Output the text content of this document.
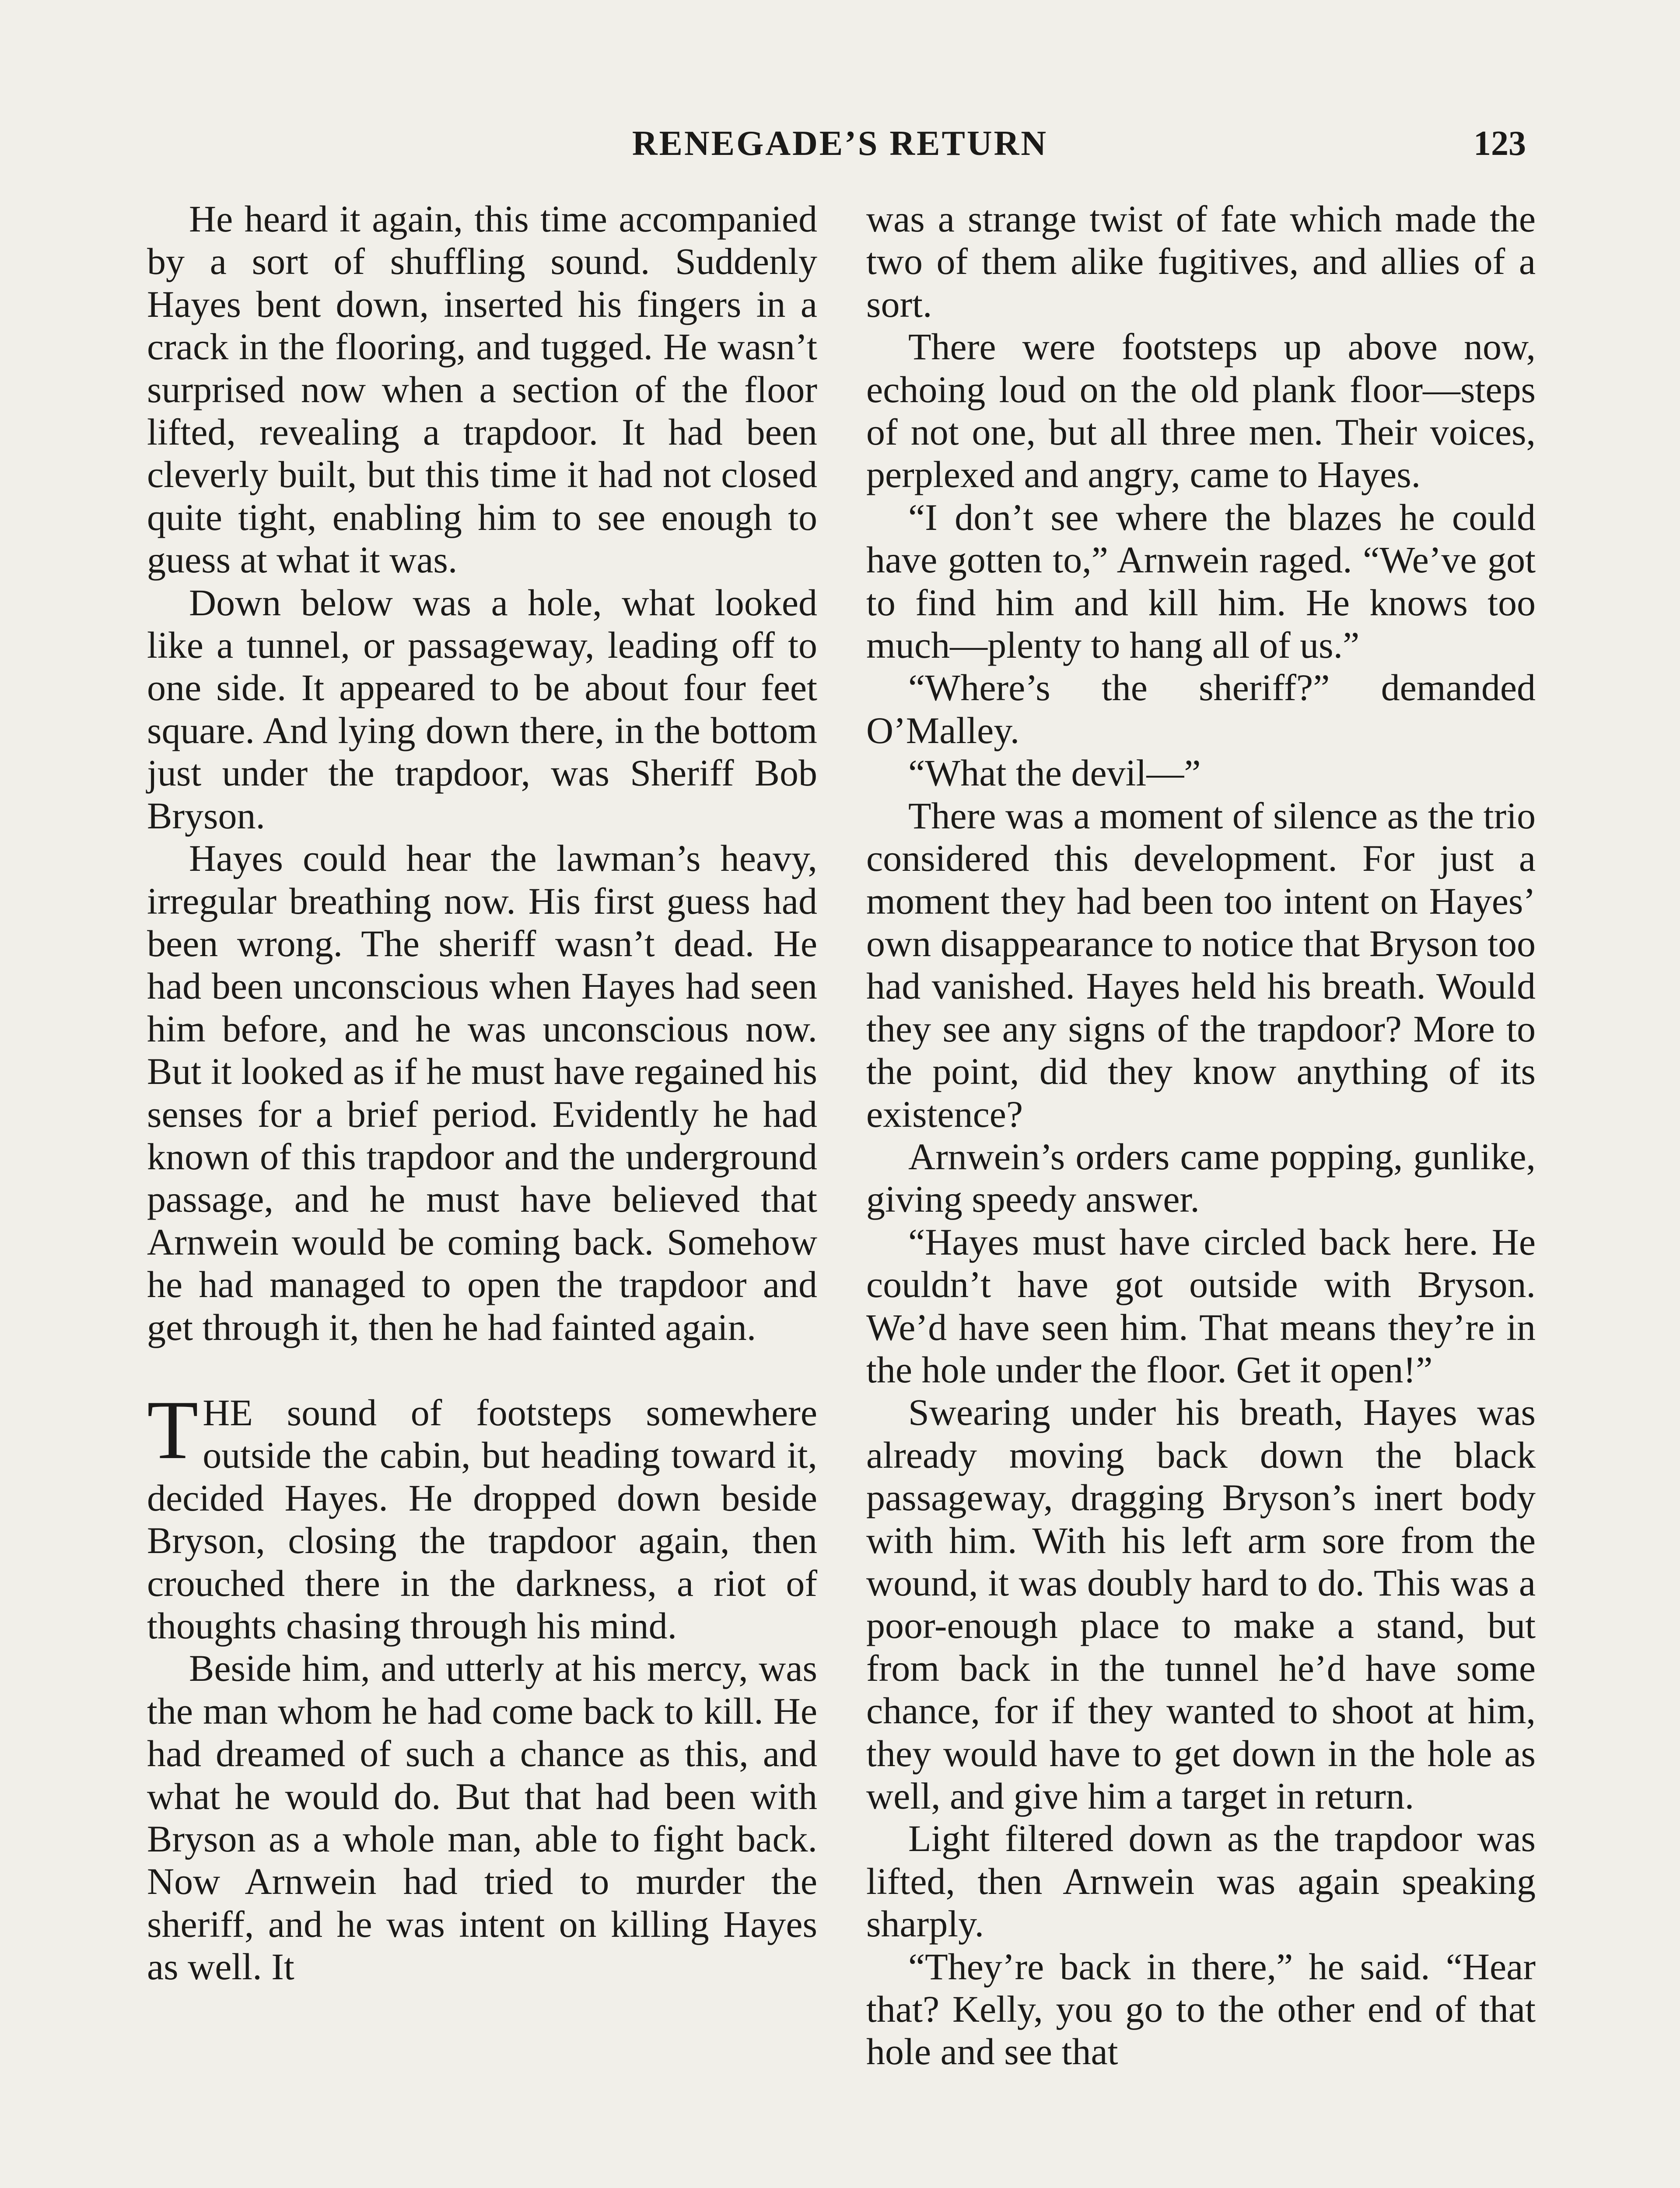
RENEGADE’S RETURN	123

He heard it again, this time accompanied by a sort of shuffling sound. Suddenly Hayes bent down, inserted his fingers in a crack in the flooring, and tugged. He wasn’t surprised now when a section of the floor lifted, revealing a trapdoor. It had been cleverly built, but this time it had not closed quite tight, enabling him to see enough to guess at what it was.

Down below was a hole, what looked like a tunnel, or passageway, leading off to one side. It appeared to be about four feet square. And lying down there, in the bottom just under the trapdoor, was Sheriff Bob Bryson.

Hayes could hear the lawman’s heavy, irregular breathing now. His first guess had been wrong. The sheriff wasn’t dead. He had been unconscious when Hayes had seen him before, and he was unconscious now. But it looked as if he must have regained his senses for a brief period. Evidently he had known of this trapdoor and the underground passage, and he must have believed that Arnwein would be coming back. Somehow he had managed to open the trapdoor and get through it, then he had fainted again.

THE sound of footsteps somewhere outside the cabin, but heading toward it, decided Hayes. He dropped down beside Bryson, closing the trapdoor again, then crouched there in the darkness, a riot of thoughts chasing through his mind.

Beside him, and utterly at his mercy, was the man whom he had come back to kill. He had dreamed of such a chance as this, and what he would do. But that had been with Bryson as a whole man, able to fight back. Now Arnwein had tried to murder the sheriff, and he was intent on killing Hayes as well. It

was a strange twist of fate which made the two of them alike fugitives, and allies of a sort.

There were footsteps up above now, echoing loud on the old plank floor—steps of not one, but all three men. Their voices, perplexed and angry, came to Hayes.

“I don’t see where the blazes he could have gotten to,” Arnwein raged. “We’ve got to find him and kill him. He knows too much—plenty to hang all of us.”

“Where’s the sheriff?” demanded O’Malley.

“What the devil—”

There was a moment of silence as the trio considered this development. For just a moment they had been too intent on Hayes’ own disappearance to notice that Bryson too had vanished. Hayes held his breath. Would they see any signs of the trapdoor? More to the point, did they know anything of its existence?

Arnwein’s orders came popping, gunlike, giving speedy answer.

“Hayes must have circled back here. He couldn’t have got outside with Bryson. We’d have seen him. That means they’re in the hole under the floor. Get it open!”

Swearing under his breath, Hayes was already moving back down the black passageway, dragging Bryson’s inert body with him. With his left arm sore from the wound, it was doubly hard to do. This was a poor-enough place to make a stand, but from back in the tunnel he’d have some chance, for if they wanted to shoot at him, they would have to get down in the hole as well, and give him a target in return.

Light filtered down as the trapdoor was lifted, then Arnwein was again speaking sharply.

“They’re back in there,” he said. “Hear that? Kelly, you go to the other end of that hole and see that
